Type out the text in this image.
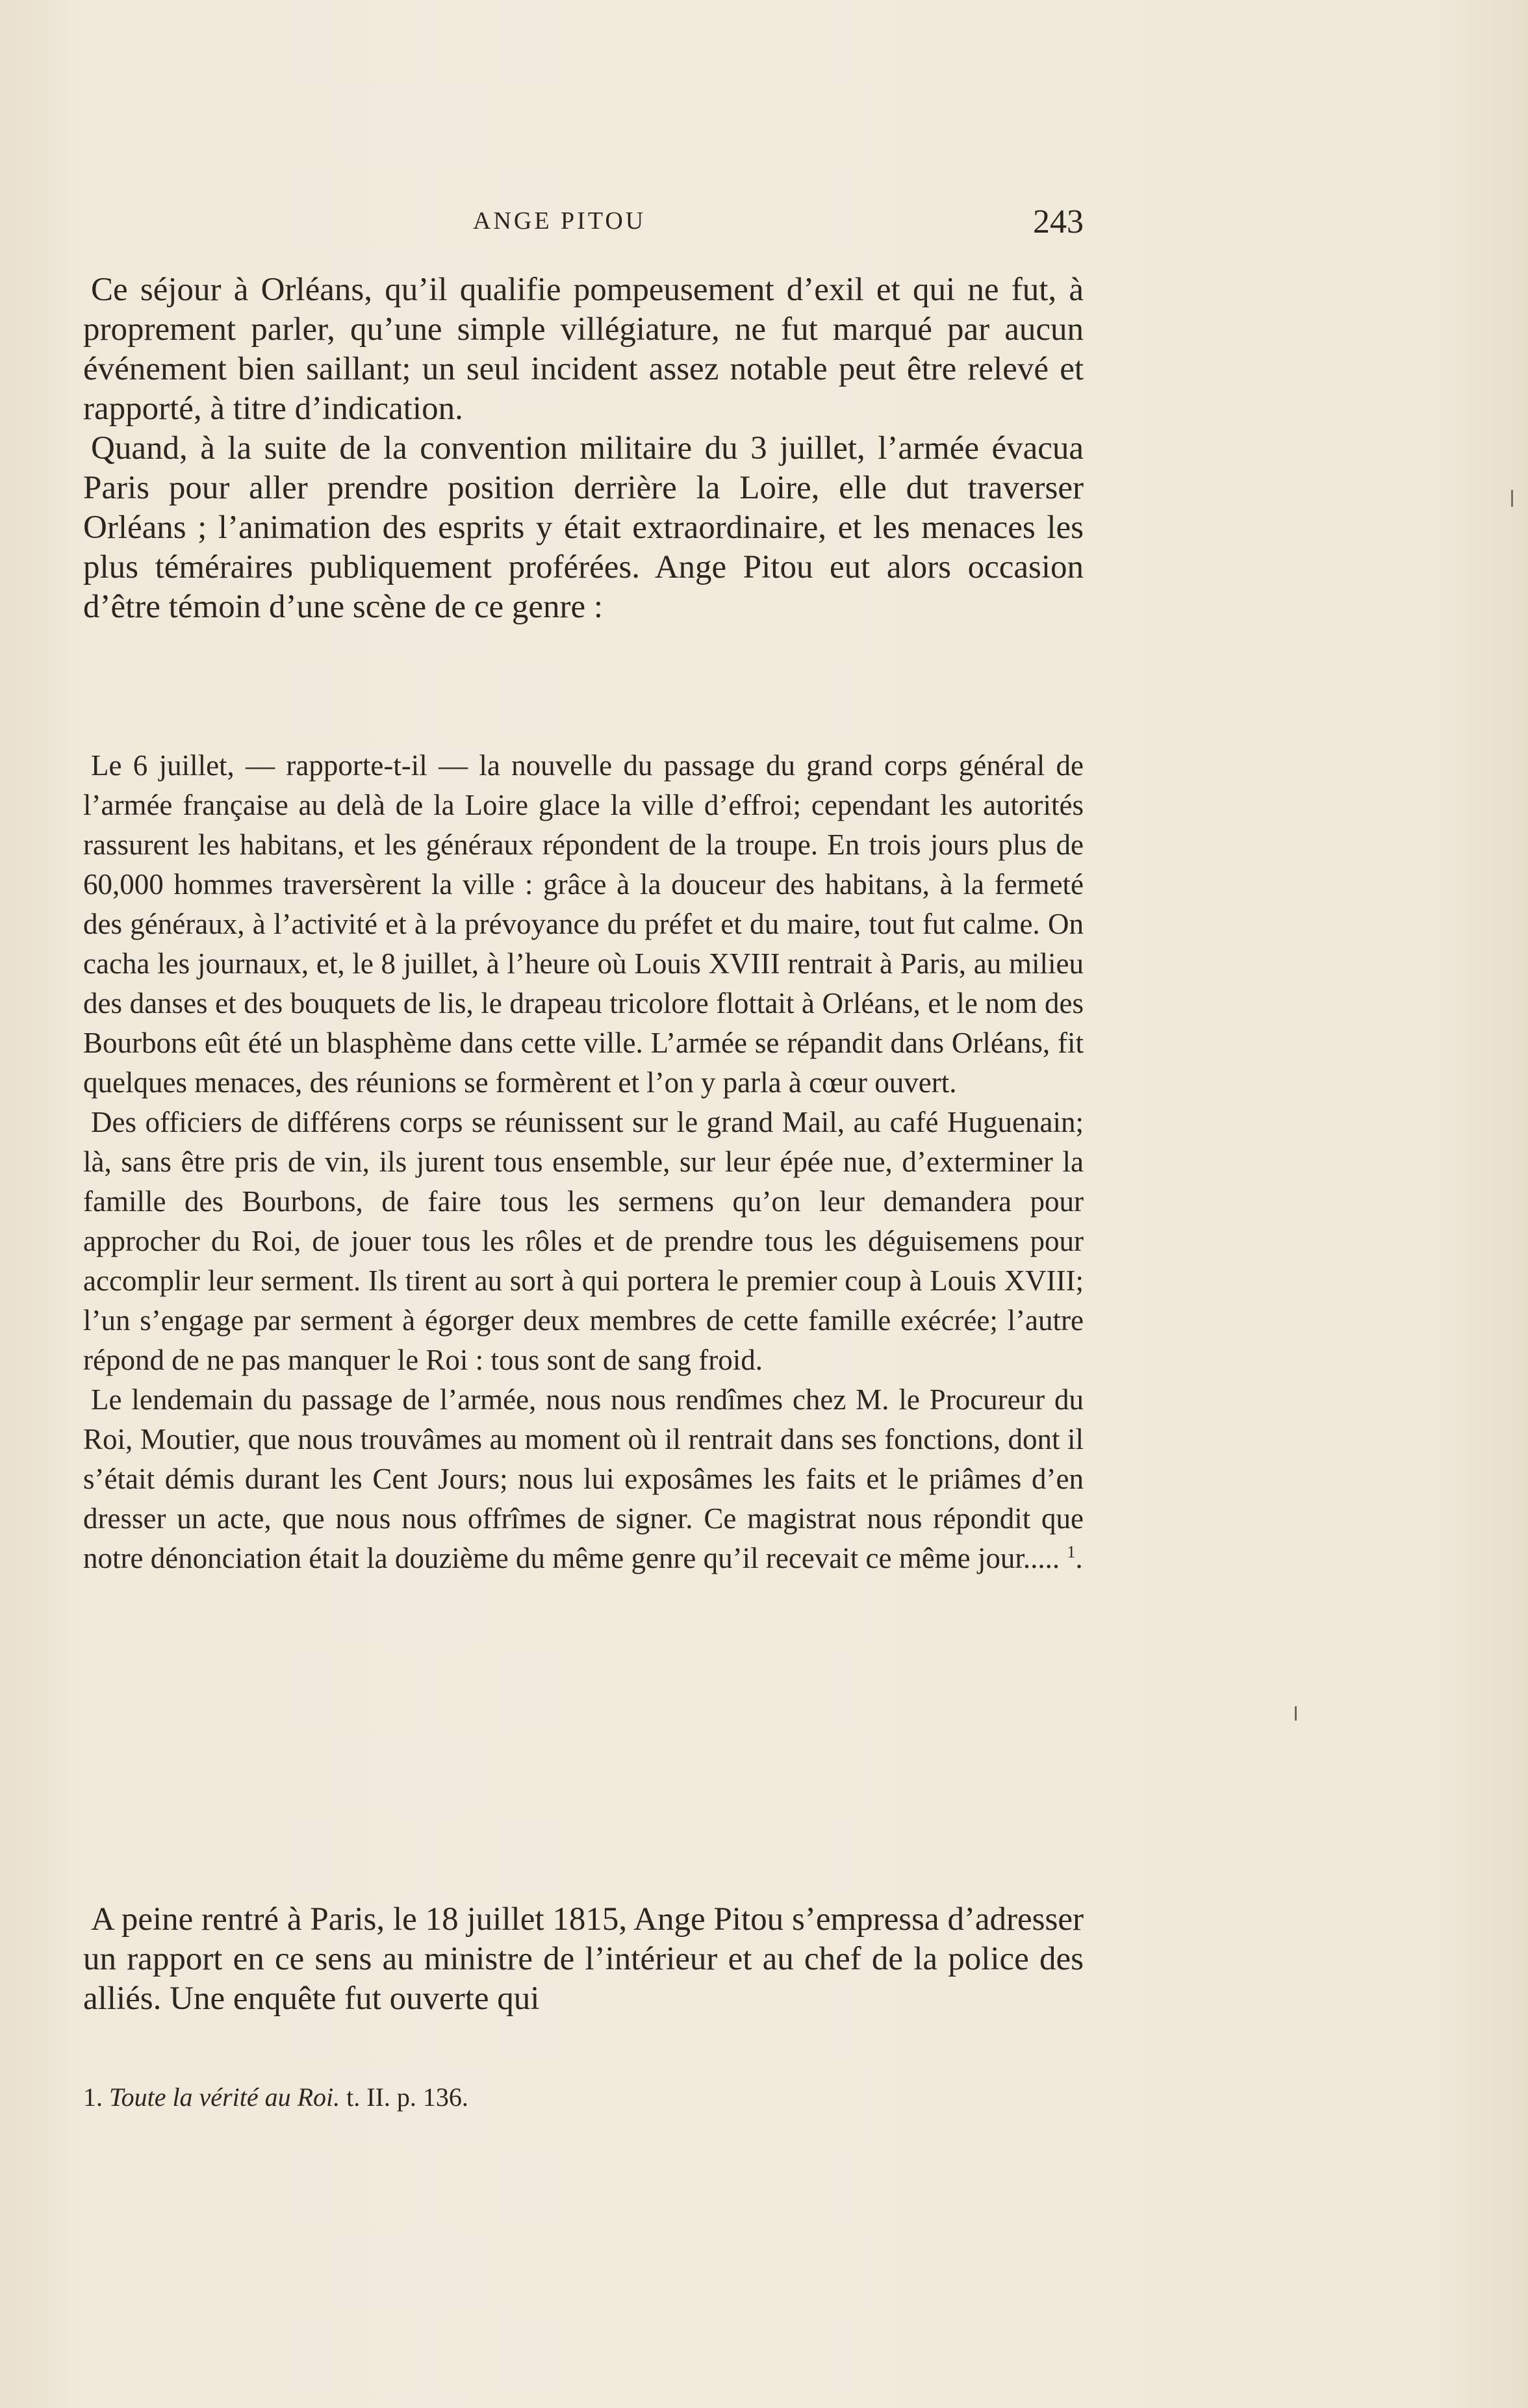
ANGE PITOU	243

Ce séjour à Orléans, qu’il qualifie pompeusement d’exil et qui ne fut, à proprement parler, qu’une simple villégiature, ne fut marqué par aucun événement bien saillant; un seul incident assez notable peut être relevé et rapporté, à titre d’indication.

Quand, à la suite de la convention militaire du 3 juillet, l’armée évacua Paris pour aller prendre position derrière la Loire, elle dut traverser Orléans ; l’animation des esprits y était extraordinaire, et les menaces les plus téméraires publiquement proférées. Ange Pitou eut alors occasion d’être témoin d’une scène de ce genre :

Le 6 juillet, — rapporte-t-il — la nouvelle du passage du grand corps général de l’armée française au delà de la Loire glace la ville d’effroi; cependant les autorités rassurent les habitans, et les généraux répondent de la troupe. En trois jours plus de 60,000 hommes traversèrent la ville : grâce à la douceur des habitans, à la fermeté des généraux, à l’activité et à la prévoyance du préfet et du maire, tout fut calme. On cacha les journaux, et, le 8 juillet, à l’heure où Louis XVIII rentrait à Paris, au milieu des danses et des bouquets de lis, le drapeau tricolore flottait à Orléans, et le nom des Bourbons eût été un blasphème dans cette ville. L’armée se répandit dans Orléans, fit quelques menaces, des réunions se formèrent et l’on y parla à cœur ouvert.

Des officiers de différens corps se réunissent sur le grand Mail, au café Huguenain; là, sans être pris de vin, ils jurent tous ensemble, sur leur épée nue, d’exterminer la famille des Bourbons, de faire tous les sermens qu’on leur demandera pour approcher du Roi, de jouer tous les rôles et de prendre tous les déguisemens pour accomplir leur serment. Ils tirent au sort à qui portera le premier coup à Louis XVIII; l’un s’engage par serment à égorger deux membres de cette famille exécrée; l’autre répond de ne pas manquer le Roi : tous sont de sang froid.

Le lendemain du passage de l’armée, nous nous rendîmes chez M. le Procureur du Roi, Moutier, que nous trouvâmes au moment où il rentrait dans ses fonctions, dont il s’était démis durant les Cent Jours; nous lui exposâmes les faits et le priâmes d’en dresser un acte, que nous nous offrîmes de signer. Ce magistrat nous répondit que notre dénonciation était la douzième du même genre qu’il recevait ce même jour..... $^1$.

A peine rentré à Paris, le 18 juillet 1815, Ange Pitou s’empressa d’adresser un rapport en ce sens au ministre de l’intérieur et au chef de la police des alliés. Une enquête fut ouverte qui

1. Toute la vérité au Roi. t. II. p. 136.
